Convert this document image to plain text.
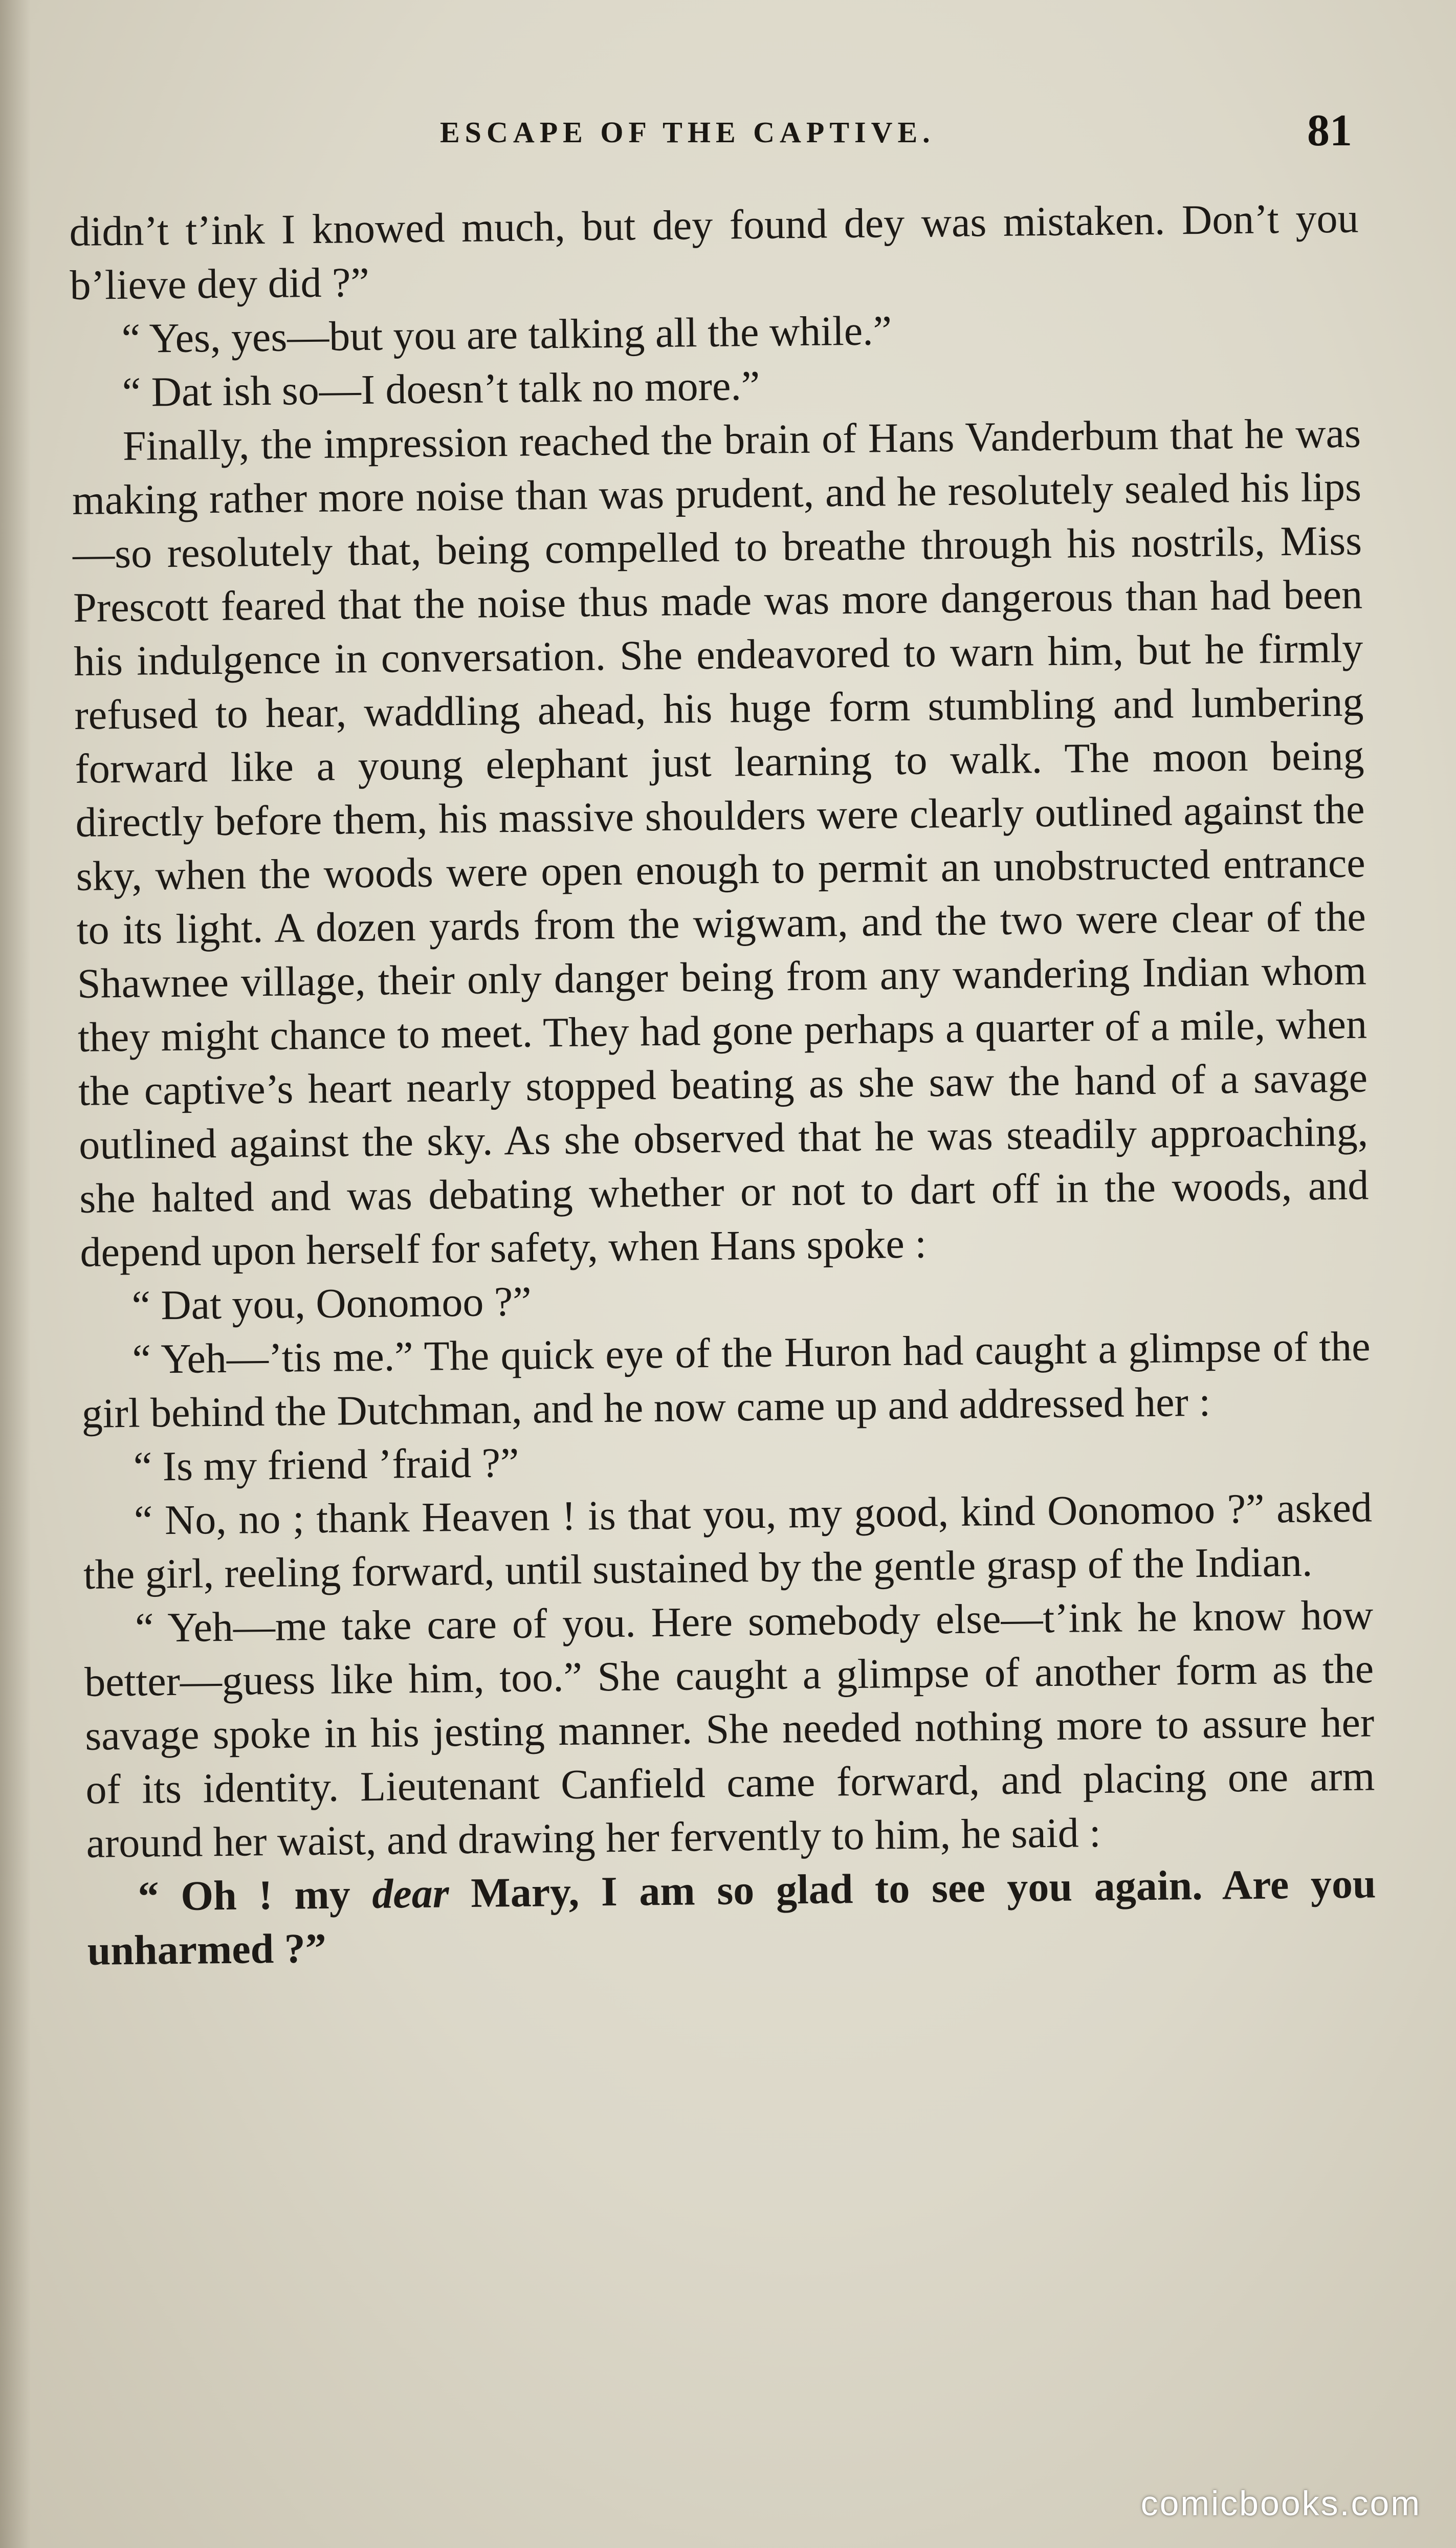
ESCAPE OF THE CAPTIVE.	81

didn’t t’ink I knowed much, but dey found dey was mistaken. Don’t you b’lieve dey did ?”

“ Yes, yes—but you are talking all the while.”

“ Dat ish so—I doesn’t talk no more.”

Finally, the impression reached the brain of Hans Vanderbum that he was making rather more noise than was prudent, and he resolutely sealed his lips—so resolutely that, being compelled to breathe through his nostrils, Miss Prescott feared that the noise thus made was more dangerous than had been his indulgence in conversation. She endeavored to warn him, but he firmly refused to hear, waddling ahead, his huge form stumbling and lumbering forward like a young elephant just learning to walk. The moon being directly before them, his massive shoulders were clearly outlined against the sky, when the woods were open enough to permit an unobstructed entrance to its light. A dozen yards from the wigwam, and the two were clear of the Shawnee village, their only danger being from any wandering Indian whom they might chance to meet. They had gone perhaps a quarter of a mile, when the captive’s heart nearly stopped beating as she saw the hand of a savage outlined against the sky. As she observed that he was steadily approaching, she halted and was debating whether or not to dart off in the woods, and depend upon herself for safety, when Hans spoke :

“ Dat you, Oonomoo ?”

“ Yeh—’tis me.” The quick eye of the Huron had caught a glimpse of the girl behind the Dutchman, and he now came up and addressed her :

“ Is my friend ’fraid ?”

“ No, no ; thank Heaven ! is that you, my good, kind Oonomoo ?” asked the girl, reeling forward, until sustained by the gentle grasp of the Indian.

“ Yeh—me take care of you. Here somebody else—t’ink he know how better—guess like him, too.” She caught a glimpse of another form as the savage spoke in his jesting manner. She needed nothing more to assure her of its identity. Lieutenant Canfield came forward, and placing one arm around her waist, and drawing her fervently to him, he said :

“ Oh ! my dear Mary, I am so glad to see you again. Are you unharmed ?”

comicbooks.com
